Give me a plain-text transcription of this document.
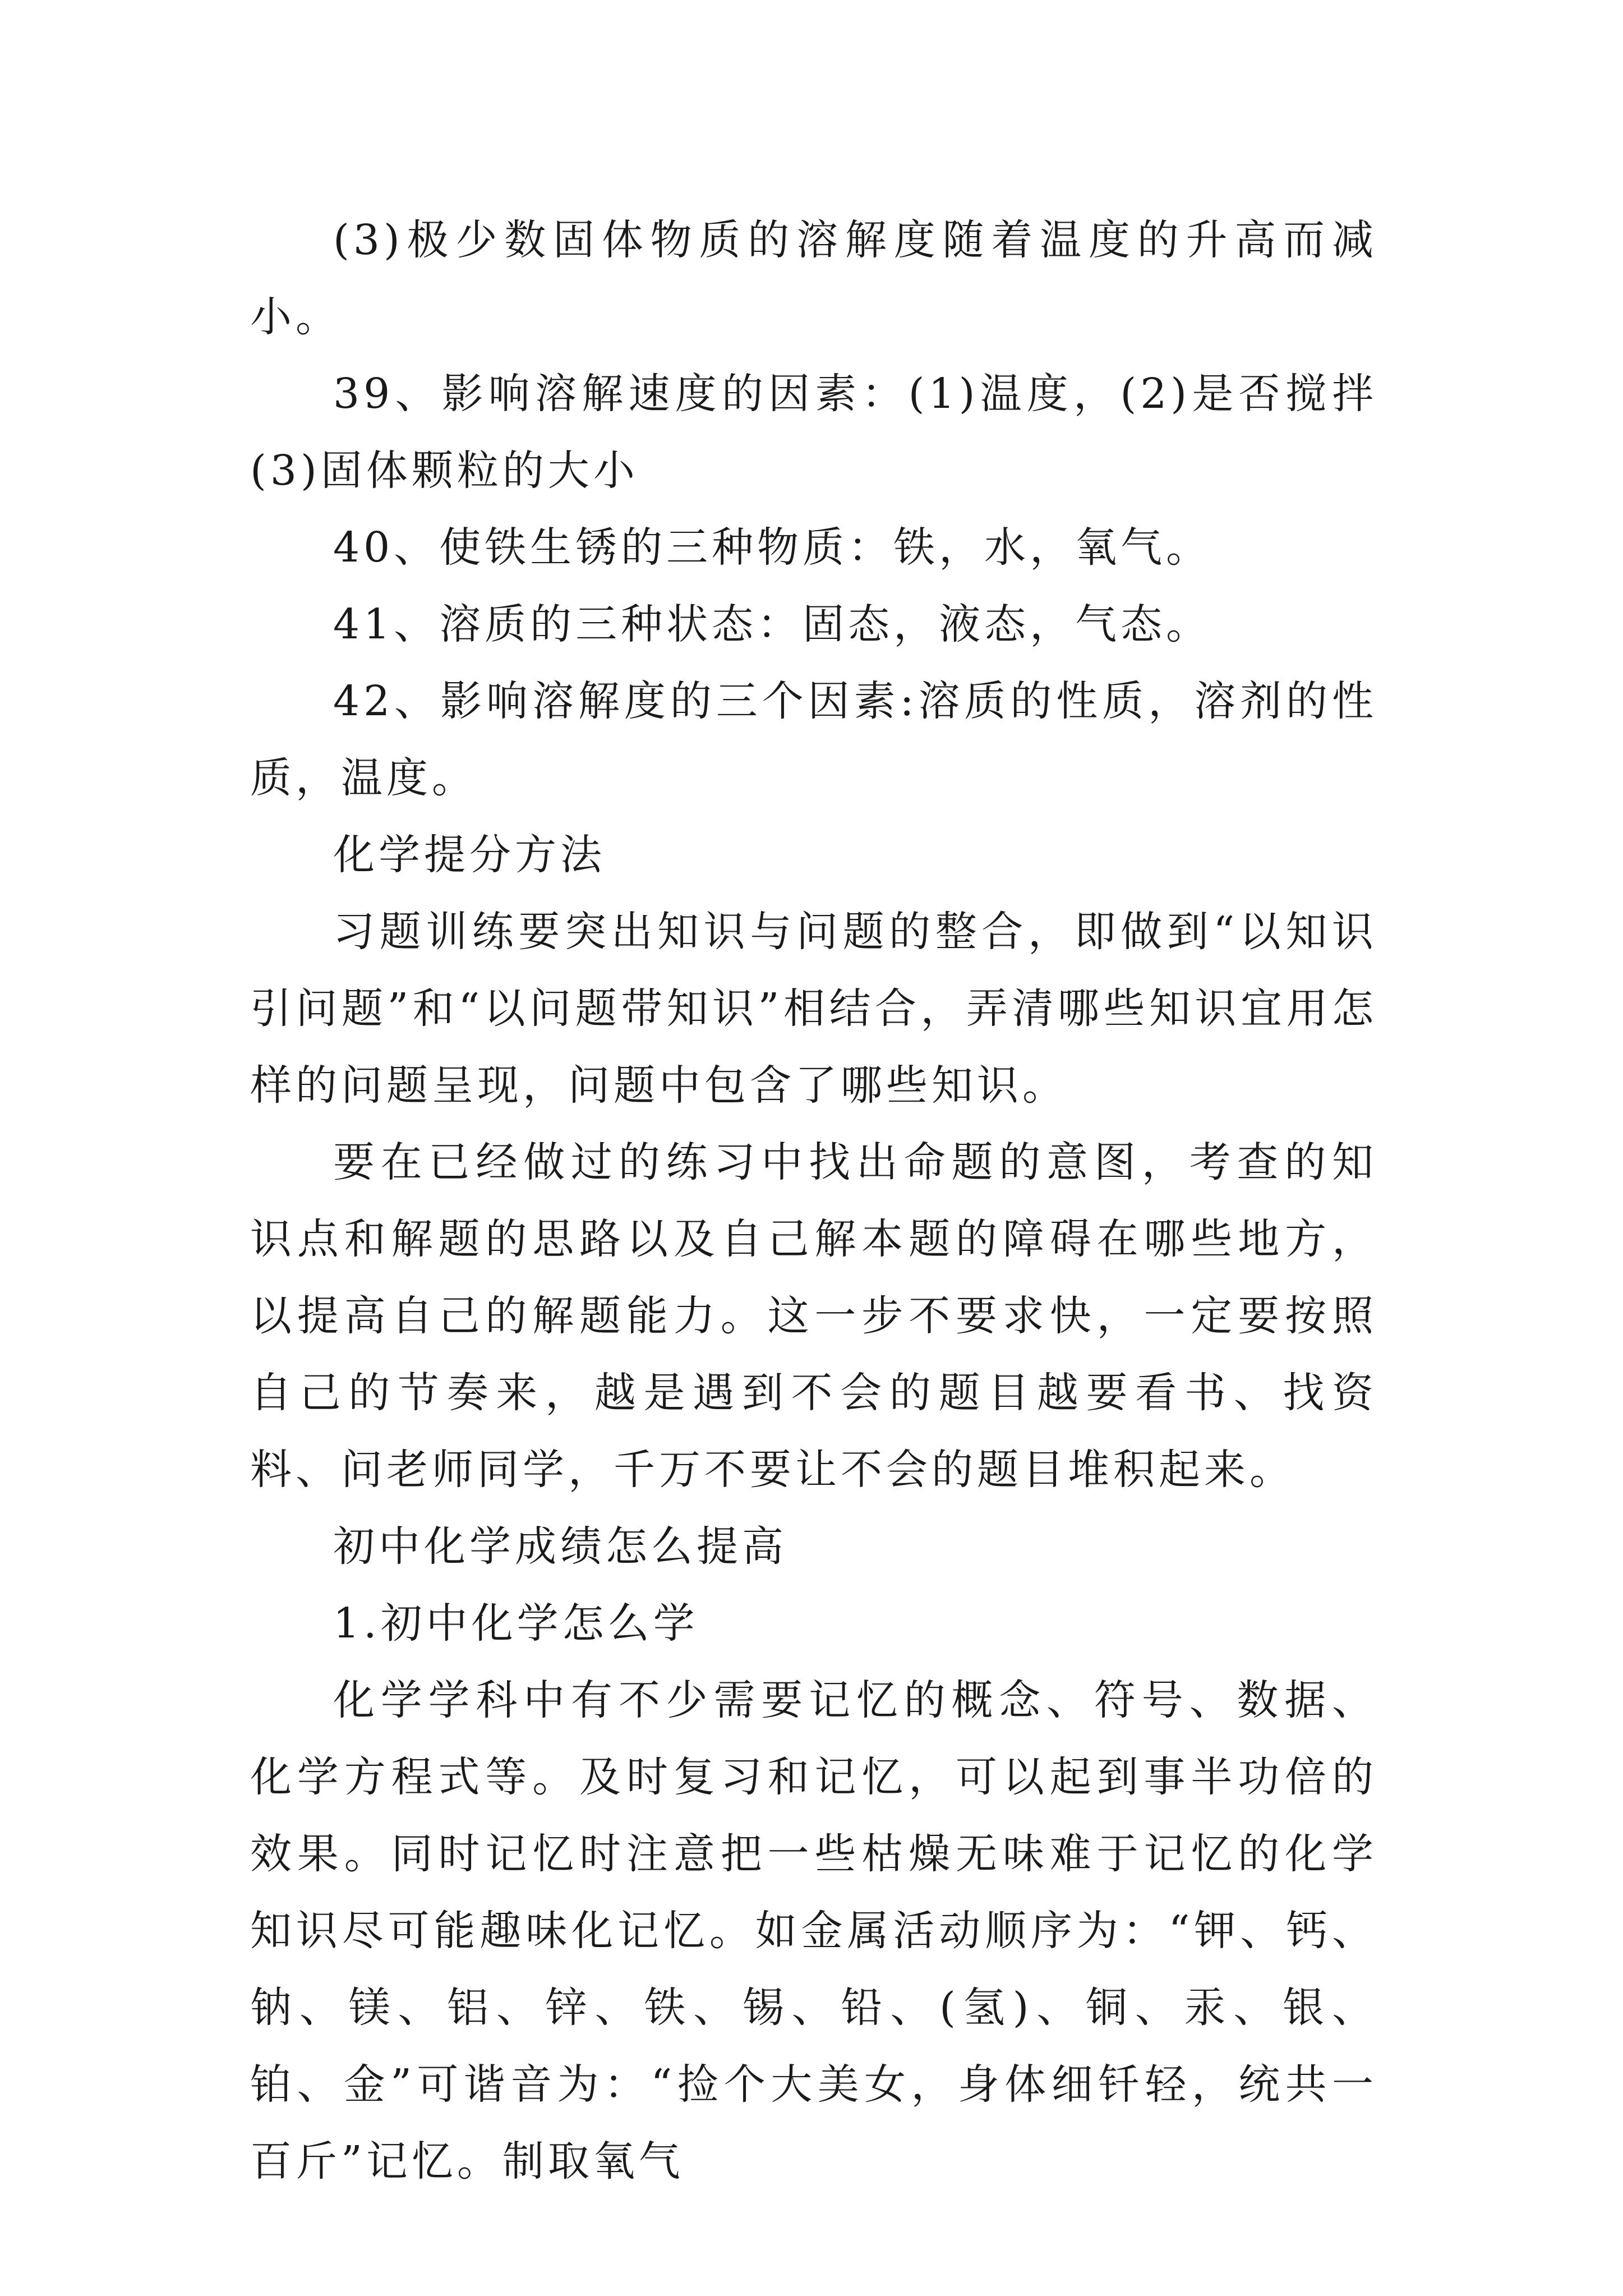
(3)极少数固体物质的溶解度随着温度的升高而减小。

39、影响溶解速度的因素：(1)温度，(2)是否搅拌(3)固体颗粒的大小

40、使铁生锈的三种物质：铁，水，氧气。

41、溶质的三种状态：固态，液态，气态。

42、影响溶解度的三个因素:溶质的性质，溶剂的性质，温度。

化学提分方法

习题训练要突出知识与问题的整合，即做到“以知识引问题”和“以问题带知识”相结合，弄清哪些知识宜用怎样的问题呈现，问题中包含了哪些知识。

要在已经做过的练习中找出命题的意图，考查的知识点和解题的思路以及自己解本题的障碍在哪些地方，以提高自己的解题能力。这一步不要求快，一定要按照自己的节奏来，越是遇到不会的题目越要看书、找资料、问老师同学，千万不要让不会的题目堆积起来。

初中化学成绩怎么提高

1.初中化学怎么学

化学学科中有不少需要记忆的概念、符号、数据、化学方程式等。及时复习和记忆，可以起到事半功倍的效果。同时记忆时注意把一些枯燥无味难于记忆的化学知识尽可能趣味化记忆。如金属活动顺序为：“钾、钙、钠、镁、铝、锌、铁、锡、铅、(氢)、铜、汞、银、铂、金”可谐音为：“捡个大美女，身体细钎轻，统共一百斤”记忆。制取氧气
